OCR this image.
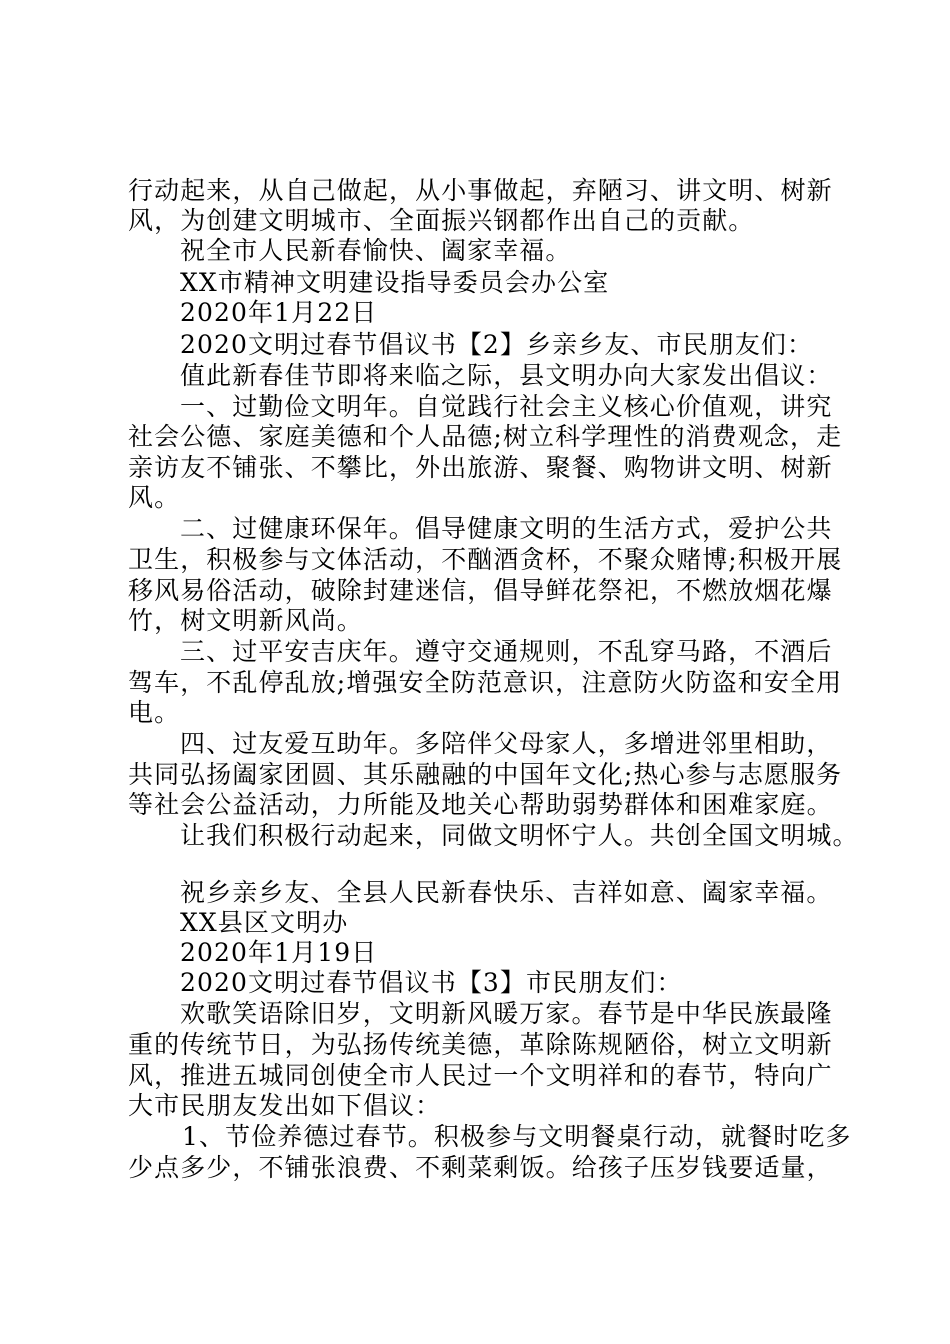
行动起来，从自己做起，从小事做起，弃陋习、讲文明、树新
风，为创建文明城市、全面振兴钢都作出自己的贡献。
祝全市人民新春愉快、阖家幸福。
XX市精神文明建设指导委员会办公室
2020年1月22日
2020文明过春节倡议书【2】乡亲乡友、市民朋友们：
值此新春佳节即将来临之际，县文明办向大家发出倡议：
一、过勤俭文明年。自觉践行社会主义核心价值观，讲究
社会公德、家庭美德和个人品德;树立科学理性的消费观念，走
亲访友不铺张、不攀比，外出旅游、聚餐、购物讲文明、树新
风。
二、过健康环保年。倡导健康文明的生活方式，爱护公共
卫生，积极参与文体活动，不酗酒贪杯，不聚众赌博;积极开展
移风易俗活动，破除封建迷信，倡导鲜花祭祀，不燃放烟花爆
竹，树文明新风尚。
三、过平安吉庆年。遵守交通规则，不乱穿马路，不酒后
驾车，不乱停乱放;增强安全防范意识，注意防火防盗和安全用
电。
四、过友爱互助年。多陪伴父母家人，多增进邻里相助，
共同弘扬阖家团圆、其乐融融的中国年文化;热心参与志愿服务
等社会公益活动，力所能及地关心帮助弱势群体和困难家庭。
让我们积极行动起来，同做文明怀宁人。共创全国文明城。
祝乡亲乡友、全县人民新春快乐、吉祥如意、阖家幸福。
XX县区文明办
2020年1月19日
2020文明过春节倡议书【3】市民朋友们：
欢歌笑语除旧岁，文明新风暖万家。春节是中华民族最隆
重的传统节日，为弘扬传统美德，革除陈规陋俗，树立文明新
风，推进五城同创使全市人民过一个文明祥和的春节，特向广
大市民朋友发出如下倡议：
1、节俭养德过春节。积极参与文明餐桌行动，就餐时吃多
少点多少，不铺张浪费、不剩菜剩饭。给孩子压岁钱要适量，
